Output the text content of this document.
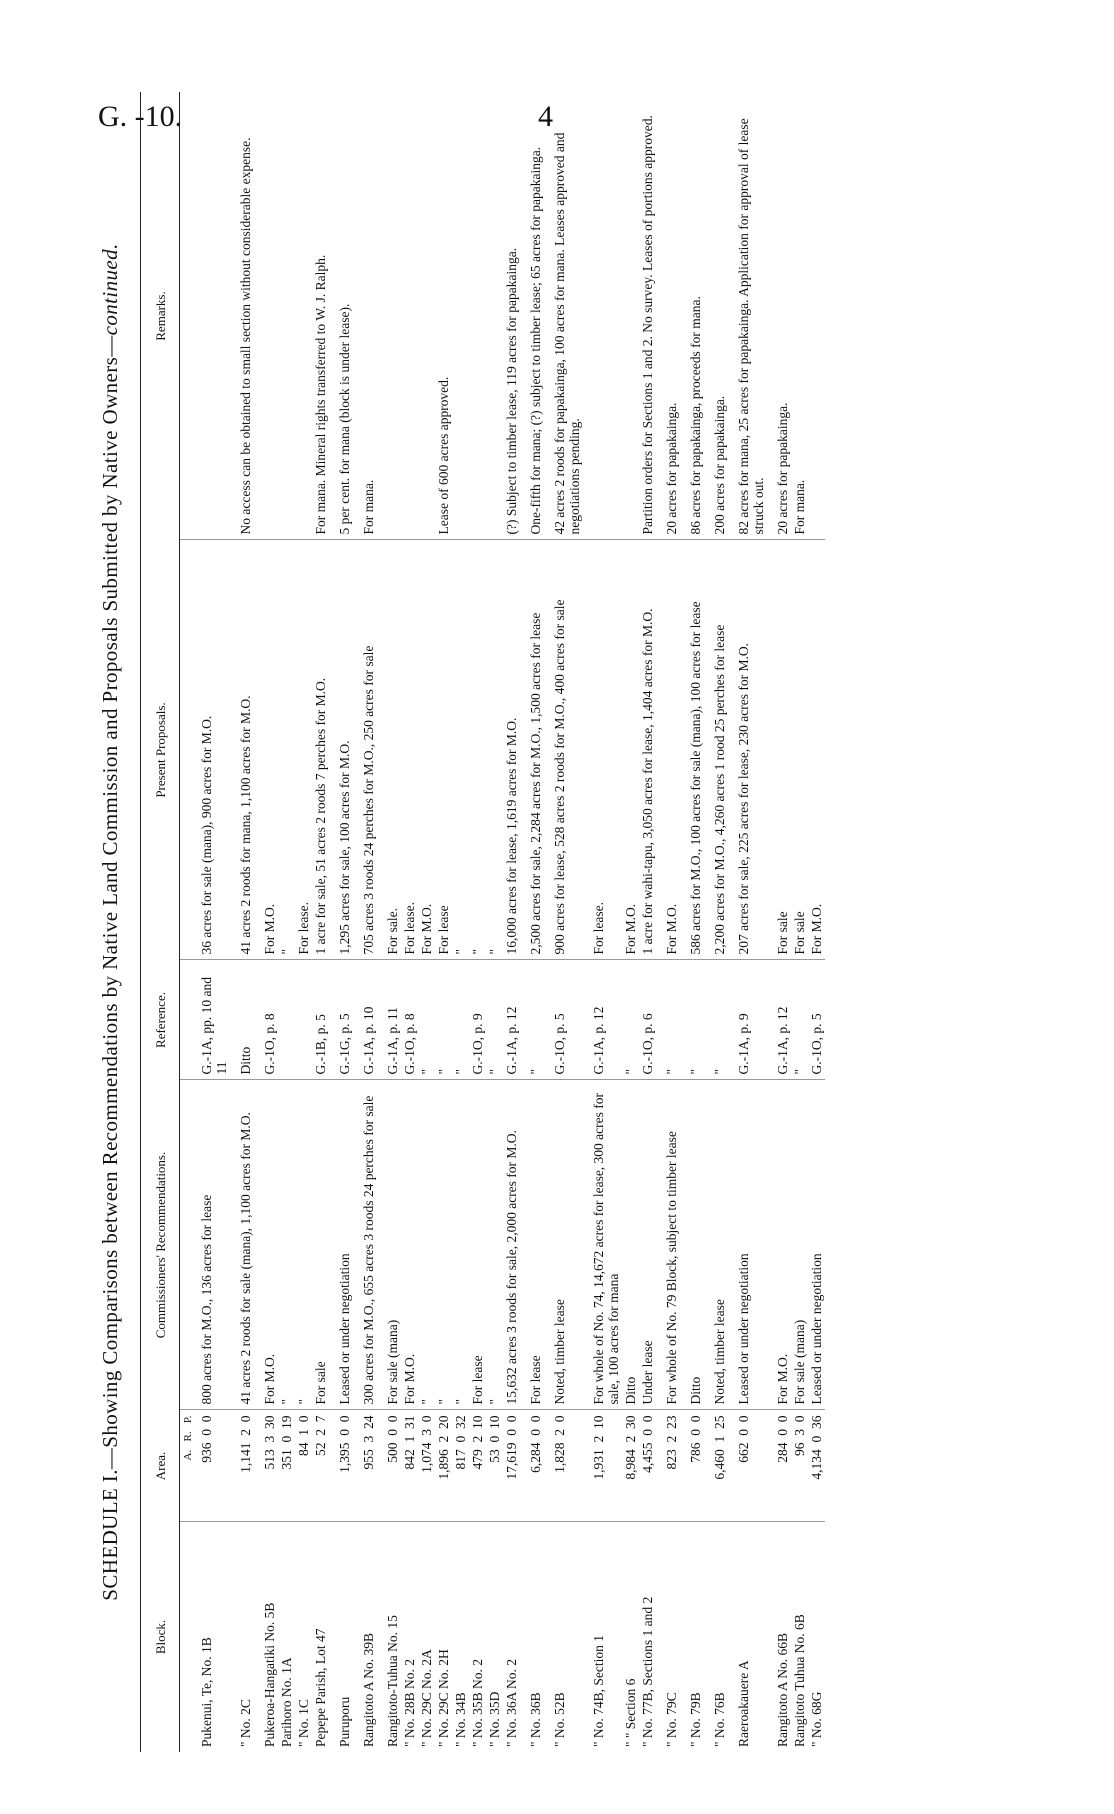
G. -10.	4
SCHEDULE I.—Showing Comparisons between Recommendations by Native Land Commission and Proposals Submitted by Native Owners—continued.
Block.	Area.	Commissioners' Recommendations.	Reference.	Present Proposals.	Remarks.
	A.   R.   P.				
Pukenui, Te, No. 1B	936  0  0	800 acres for M.O., 136 acres for lease	G.-1A, pp. 10 and 11	36 acres for sale (mana), 900 acres for M.O.	
" No. 2C	1,141  2  0	41 acres 2 roods for sale (mana), 1,100 acres for M.O.	Ditto	41 acres 2 roods for mana, 1,100 acres for M.O.	No access can be obtained to small section without considerable expense.
Pukeroa-Hangatiki No. 5B	513  3  30	For M.O.	G.-1O, p. 8	For M.O.	
Parihoro No. 1A	351  0  19	"		"	
" No. 1C	84  1  0	"		For lease.	
Pepepe Parish, Lot 47	52  2  7	For sale	G.-1B, p. 5	1 acre for sale, 51 acres 2 roods 7 perches for M.O.	For mana. Mineral rights transferred to W. J. Ralph.
Puruporu	1,395  0  0	Leased or under negotiation	G.-1G, p. 5	1,295 acres for sale, 100 acres for M.O.	5 per cent. for mana (block is under lease).
Rangitoto A No. 39B	955  3  24	300 acres for M.O., 655 acres 3 roods 24 perches for sale	G.-1A, p. 10	705 acres 3 roods 24 perches for M.O., 250 acres for sale	For mana.
Rangitoto-Tuhua No. 15	500  0  0	For sale (mana)	G.-1A, p. 11	For sale.	
" No. 28B No. 2	842  1  31	For M.O.	G.-1O, p. 8	For lease.	
" No. 29C No. 2A	1,074  3  0	"	"	For M.O.	
" No. 29C No. 2H	1,896  2  20	"	"	For lease	Lease of 600 acres approved.
" No. 34B	817  0  32	"	"	"	
" No. 35B No. 2	479  2  10	For lease	G.-1O, p. 9	"	
" No. 35D	53  0  10	"	"	"	
" No. 36A No. 2	17,619  0  0	15,632 acres 3 roods for sale, 2,000 acres for M.O.	G.-1A, p. 12	16,000 acres for lease, 1,619 acres for M.O.	(?) Subject to timber lease, 119 acres for papakainga.
" No. 36B	6,284  0  0	For lease	"	2,500 acres for sale, 2,284 acres for M.O., 1,500 acres for lease	One-fifth for mana; (?) subject to timber lease; 65 acres for papakainga.
" No. 52B	1,828  2  0	Noted, timber lease	G.-1O, p. 5	900 acres for lease, 528 acres 2 roods for M.O., 400 acres for sale	42 acres 2 roods for papakainga, 100 acres for mana. Leases approved and negotiations pending.
" No. 74B, Section 1	1,931  2  10	For whole of No. 74, 14,672 acres for lease, 300 acres for sale, 100 acres for mana	G.-1A, p. 12	For lease.	
" " Section 6	8,984  2  30	Ditto	"	For M.O.	
" No. 77B, Sections 1 and 2	4,455  0  0	Under lease	G.-1O, p. 6	1 acre for wahi-tapu, 3,050 acres for lease, 1,404 acres for M.O.	Partition orders for Sections 1 and 2. No survey. Leases of portions approved.
" No. 79C	823  2  23	For whole of No. 79 Block, subject to timber lease	"	For M.O.	20 acres for papakainga.
" No. 79B	786  0  0	Ditto	"	586 acres for M.O., 100 acres for sale (mana), 100 acres for lease	86 acres for papakainga, proceeds for mana.
" No. 76B	6,460  1  25	Noted, timber lease	"	2,200 acres for M.O., 4,260 acres 1 rood 25 perches for lease	200 acres for papakainga.
Raeroakauere A	662  0  0	Leased or under negotiation	G.-1A, p. 9	207 acres for sale, 225 acres for lease, 230 acres for M.O.	82 acres for mana, 25 acres for papakainga. Application for approval of lease struck out.
Rangitoto A No. 66B	284  0  0	For M.O.	G.-1A, p. 12	For sale	20 acres for papakainga.
Rangitoto Tuhua No. 6B	96  3  0	For sale (mana)	"	For sale	For mana.
" No. 68G	4,134  0  36	Leased or under negotiation	G.-1O, p. 5	For M.O.	
